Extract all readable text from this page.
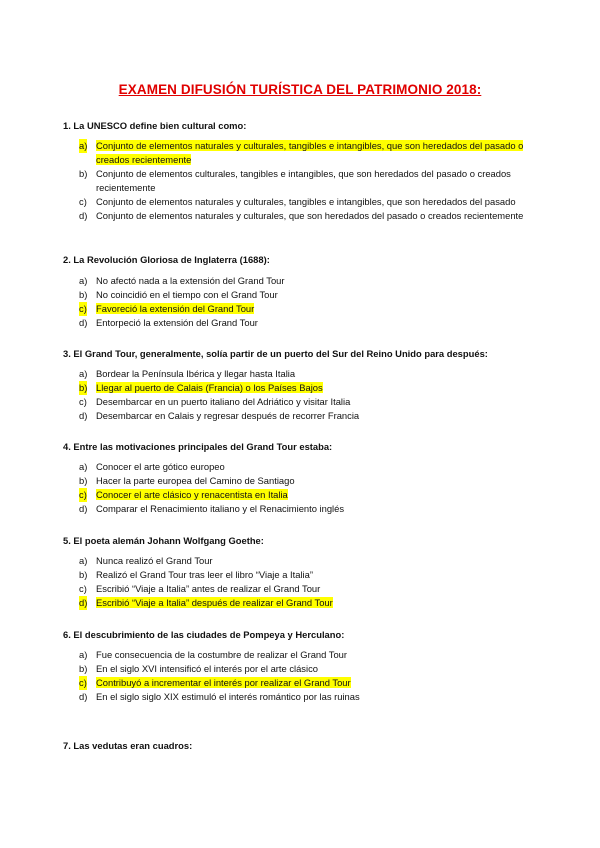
EXAMEN DIFUSIÓN TURÍSTICA DEL PATRIMONIO 2018:
1. La UNESCO define bien cultural como:
a) Conjunto de elementos naturales y culturales, tangibles e intangibles, que son heredados del pasado o creados recientemente
b) Conjunto de elementos culturales, tangibles e intangibles, que son heredados del pasado o creados recientemente
c) Conjunto de elementos naturales y culturales, tangibles e intangibles, que son heredados del pasado
d) Conjunto de elementos naturales y culturales, que son heredados del pasado o creados recientemente
2. La Revolución Gloriosa de Inglaterra (1688):
a) No afectó nada a la extensión del Grand Tour
b) No coincidió en el tiempo con el Grand Tour
c) Favoreció la extensión del Grand Tour
d) Entorpeció la extensión del Grand Tour
3. El Grand Tour, generalmente, solía partir de un puerto del Sur del Reino Unido para después:
a) Bordear la Península Ibérica y llegar hasta Italia
b) Llegar al puerto de Calais (Francia) o los Países Bajos
c) Desembarcar en un puerto italiano del Adriático y visitar Italia
d) Desembarcar en Calais y regresar después de recorrer Francia
4. Entre las motivaciones principales del Grand Tour estaba:
a) Conocer el arte gótico europeo
b) Hacer la parte europea del Camino de Santiago
c) Conocer el arte clásico y renacentista en Italia
d) Comparar el Renacimiento italiano y el Renacimiento inglés
5. El poeta alemán Johann Wolfgang Goethe:
a) Nunca realizó el Grand Tour
b) Realizó el Grand Tour tras leer el libro “Viaje a Italia”
c) Escribió “Viaje a Italia” antes de realizar el Grand Tour
d) Escribió “Viaje a Italia” después de realizar el Grand Tour
6. El descubrimiento de las ciudades de Pompeya y Herculano:
a) Fue consecuencia de la costumbre de realizar el Grand Tour
b) En el siglo XVI intensificó el interés por el arte clásico
c) Contribuyó a incrementar el interés por realizar el Grand Tour
d) En el siglo siglo XIX estimuló el interés romántico por las ruinas
7. Las vedutas eran cuadros:
